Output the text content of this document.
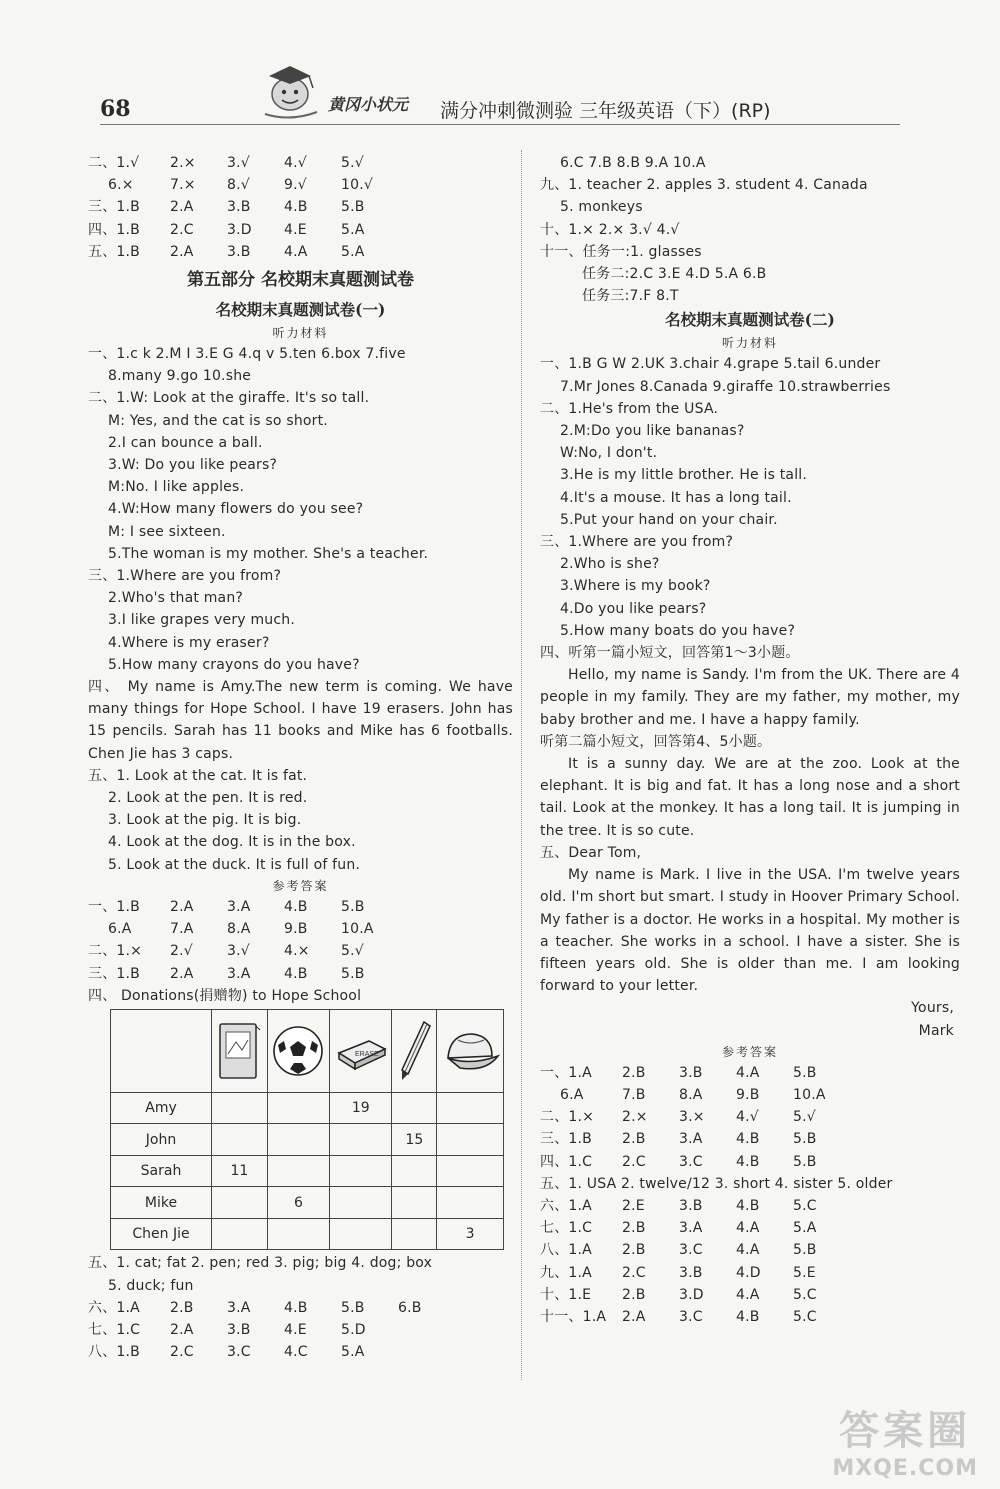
68	黄冈小状元 满分冲刺微测验 三年级英语（下）(RP)
二、1.√ 2.× 3.√ 4.√ 5.√
6.×	7.× 8.√ 9.√ 10.√
三、1.B 2.A 3.B 4.B 5.B
四、1.B 2.C 3.D 4.E 5.A
五、1.B 2.A 3.B 4.A 5.A
第五部分 名校期末真题测试卷
名校期末真题测试卷(一)
听力材料
一、1.c k 2.M I 3.E G 4.q v 5.ten 6.box 7.five
8.many 9.go 10.she
二、1.W: Look at the giraffe. It's so tall.
M: Yes, and the cat is so short.
2.I can bounce a ball.
3.W: Do you like pears?
M:No. I like apples.
4.W:How many flowers do you see?
M: I see sixteen.
5.The woman is my mother. She's a teacher.
三、1.Where are you from?
2.Who's that man?
3.I like grapes very much.
4.Where is my eraser?
5.How many crayons do you have?
四、 My name is Amy.The new term is coming. We have many things for Hope School. I have 19 erasers. John has 15 pencils. Sarah has 11 books and Mike has 6 footballs. Chen Jie has 3 caps.
五、1. Look at the cat. It is fat.
2. Look at the pen. It is red.
3. Look at the pig. It is big.
4. Look at the dog. It is in the box.
5. Look at the duck. It is full of fun.
参考答案
一、1.B 2.A 3.A 4.B 5.B
6.A	7.A 8.A 9.B 10.A
二、1.× 2.√ 3.√ 4.× 5.√
三、1.B 2.A 3.A 4.B 5.B
四、 Donations(捐赠物) to Hope School

ERASE

Amy			19		
John				15	
Sarah	11				
Mike		6			
Chen Jie					3
五、1. cat; fat 2. pen; red 3. pig; big 4. dog; box
5. duck; fun
六、1.A 2.B 3.A 4.B 5.B 6.B
七、1.C 2.A 3.B 4.E 5.D
八、1.B 2.C 3.C 4.C 5.A
6.C 7.B 8.B 9.A 10.A
九、1. teacher 2. apples 3. student 4. Canada
5. monkeys
十、1.× 2.× 3.√ 4.√
十一、任务一:1. glasses
任务二:2.C 3.E 4.D 5.A 6.B
任务三:7.F 8.T
名校期末真题测试卷(二)
听力材料
一、1.B G W 2.UK 3.chair 4.grape 5.tail 6.under
7.Mr Jones 8.Canada 9.giraffe 10.strawberries
二、1.He's from the USA.
2.M:Do you like bananas?
W:No, I don't.
3.He is my little brother. He is tall.
4.It's a mouse. It has a long tail.
5.Put your hand on your chair.
三、1.Where are you from?
2.Who is she?
3.Where is my book?
4.Do you like pears?
5.How many boats do you have?
四、听第一篇小短文，回答第1～3小题。
Hello, my name is Sandy. I'm from the UK. There are 4 people in my family. They are my father, my mother, my baby brother and me. I have a happy family.
听第二篇小短文，回答第4、5小题。
It is a sunny day. We are at the zoo. Look at the elephant. It is big and fat. It has a long nose and a short tail. Look at the monkey. It has a long tail. It is jumping in the tree. It is so cute.
五、Dear Tom,
My name is Mark. I live in the USA. I'm twelve years old. I'm short but smart. I study in Hoover Primary School. My father is a doctor. He works in a hospital. My mother is a teacher. She works in a school. I have a sister. She is fifteen years old. She is older than me. I am looking forward to your letter.
Yours,
Mark
参考答案
一、1.A 2.B 3.B 4.A 5.B
6.A	7.B 8.A 9.B 10.A
二、1.× 2.× 3.× 4.√ 5.√
三、1.B 2.B 3.A 4.B 5.B
四、1.C 2.C 3.C 4.B 5.B
五、1. USA 2. twelve/12 3. short 4. sister 5. older
六、1.A 2.E 3.B 4.B 5.C
七、1.C 2.B 3.A 4.A 5.A
八、1.A 2.B 3.C 4.A 5.B
九、1.A 2.C 3.B 4.D 5.E
十、1.E 2.B 3.D 4.A 5.C
十一、1.A 2.A 3.C 4.B 5.C
答案圈
MXQE.COM
